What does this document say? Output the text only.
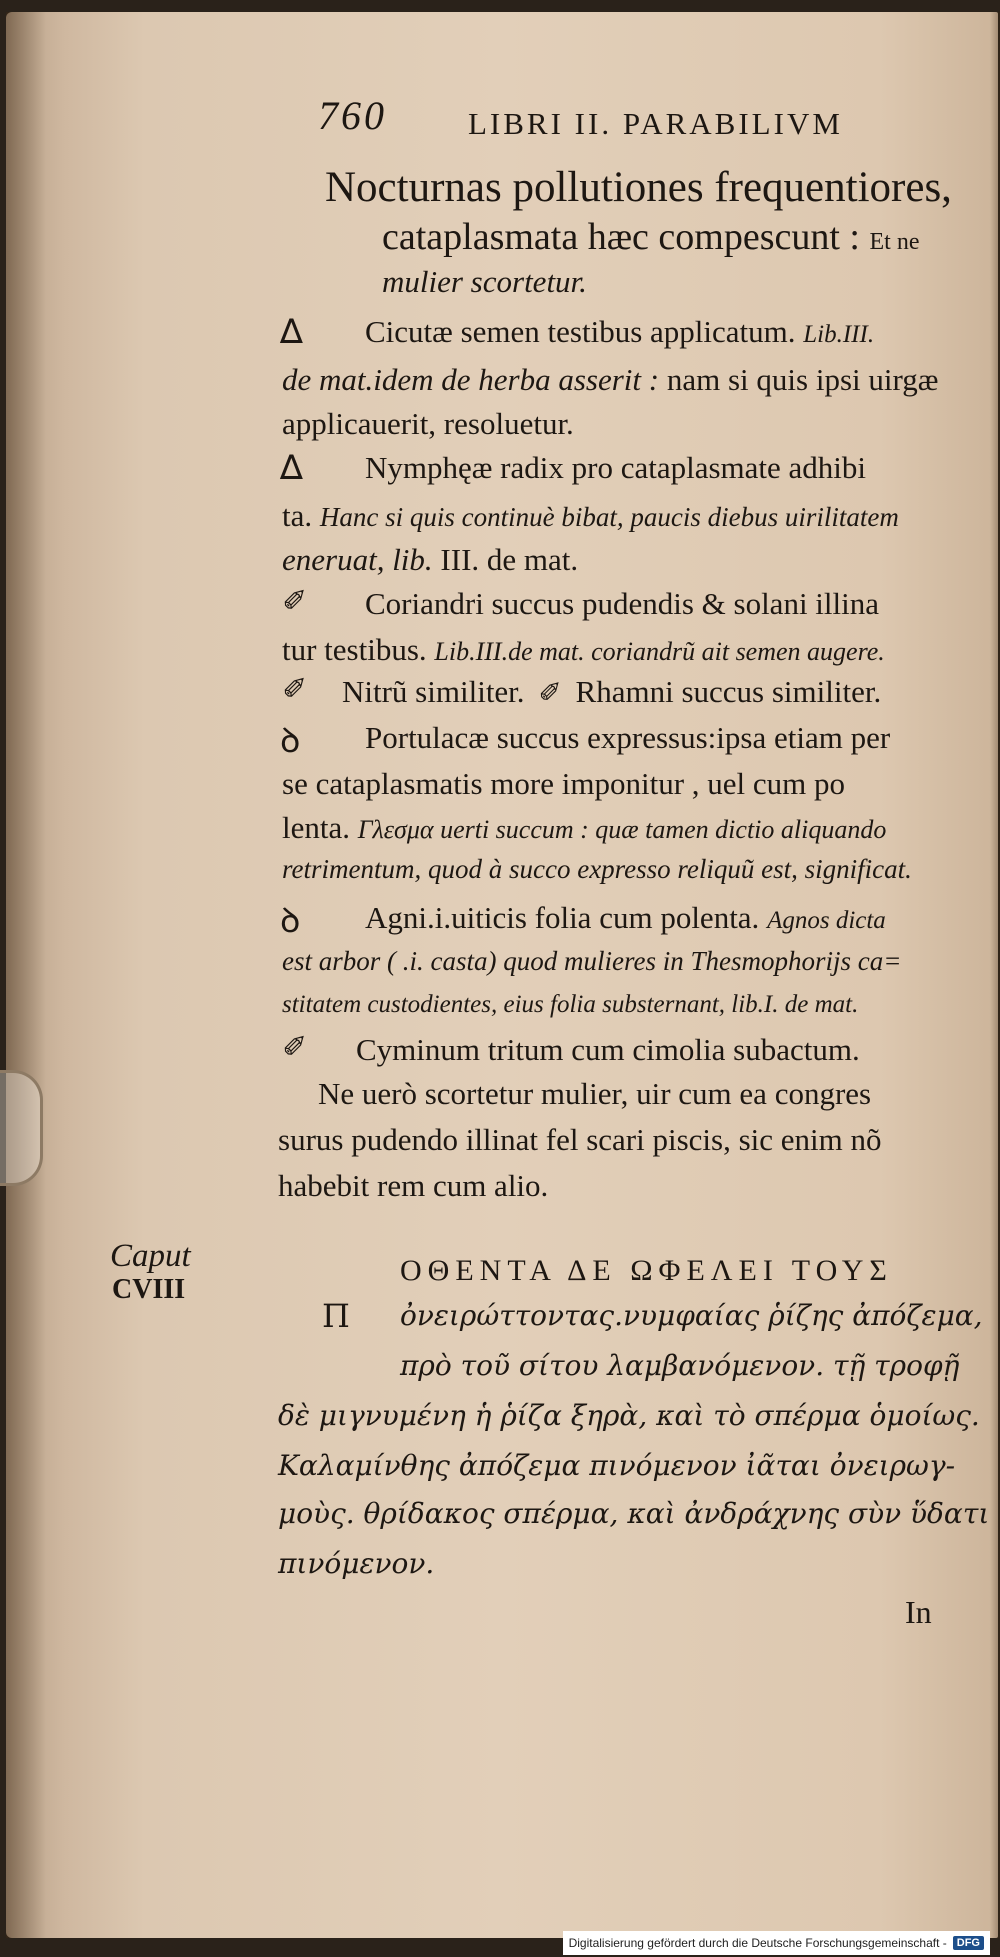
760	LIBRI II. PARABILIVM
Nocturnas pollutiones frequentiores,
cataplasmata hæc compescunt : Et ne
mulier scortetur.
∆ Cicutæ semen testibus applicatum. Lib.III.
de mat.idem de herba asserit : nam si quis ipsi uirgæ
applicauerit, resoluetur.
∆ Nymphęæ radix pro cataplasmate adhibi
ta. Hanc si quis continuè bibat, paucis diebus uirilitatem
eneruat, lib. III. de mat.
✐ Coriandri succus pudendis & solani illina
tur testibus. Lib.III.de mat. coriandrũ ait semen augere.
✐ Nitrũ similiter. ✐ Rhamni succus similiter.
ꝺ Portulacæ succus expressus:ipsa etiam per
se cataplasmatis more imponitur , uel cum po
lenta. Γλεσμα uerti succum : quæ tamen dictio aliquando
retrimentum, quod à succo expresso reliquũ est, significat.
ꝺ Agni.i.uiticis folia cum polenta. Agnos dicta
est arbor ( .i. casta) quod mulieres in Thesmophorijs ca=
stitatem custodientes, eius folia substernant, lib.I. de mat.
✐ Cyminum tritum cum cimolia subactum.
Ne uerò scortetur mulier, uir cum ea congres
surus pudendo illinat fel scari piscis, sic enim nõ
habebit rem cum alio.
Caput
CVIII
ΟΘΕΝΤΑ ΔΕ ΩΦΕΛΕΙ ΤΟΥΣ
Π ὀνειρώττοντας.νυμφαίας ῥίζης ἀπόζεμα,
πρὸ τοῦ σίτου λαμβανόμενον. τῇ τροφῇ
δὲ μιγνυμένη ἡ ῥίζα ξηρὰ, καὶ τὸ σπέρμα ὁμοίως.
Καλαμίνθης ἀπόζεμα πινόμενον ἰᾶται ὀνειρωγ-
μοὺς. θρίδακος σπέρμα, καὶ ἀνδράχνης σὺν ὕδατι
πινόμενον.
In
Digitalisierung gefördert durch die Deutsche Forschungsgemeinschaft - DFG
